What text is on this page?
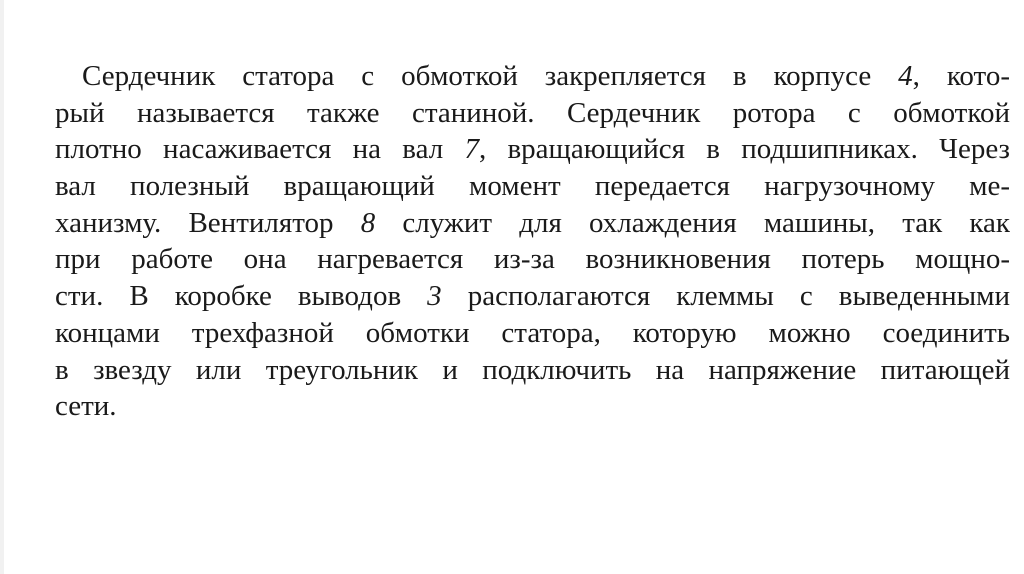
Сердечник статора с обмоткой закрепляется в корпусе 4, кото-
рый называется также станиной. Сердечник ротора с обмоткой
плотно насаживается на вал 7, вращающийся в подшипниках. Через
вал полезный вращающий момент передается нагрузочному ме-
ханизму. Вентилятор 8 служит для охлаждения машины, так как
при работе она нагревается из-за возникновения потерь мощно-
сти. В коробке выводов 3 располагаются клеммы с выведенными
концами трехфазной обмотки статора, которую можно соединить
в звезду или треугольник и подключить на напряжение питающей
сети.
